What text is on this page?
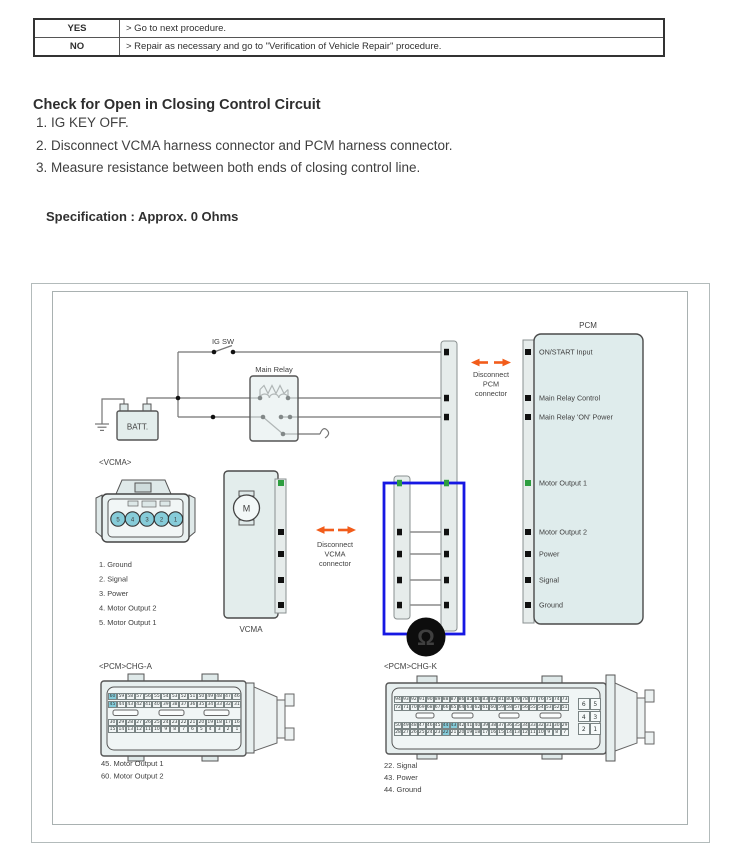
YES	> Go to next procedure.
NO	> Repair as necessary and go to "Verification of Vehicle Repair" procedure.
Check for Open in Closing Control Circuit
1. IG KEY OFF.
2. Disconnect VCMA harness connector and PCM harness connector.
3. Measure resistance between both ends of closing control line.
Specification : Approx. 0 Ohms
BATT.
IG SW
Main Relay
Ω
PCM
ON/START Input
Main Relay Control
Main Relay 'ON' Power
Motor Output 1
Motor Output 2
Power
Signal
Ground
Disconnect
PCM
connector
Disconnect
VCMA
connector
M
VCMA
5 4 3 2 1
<VCMA>
1. Ground
2. Signal
3. Power
4. Motor Output 2
5. Motor Output 1
<PCM>CHG-A
45. Motor Output 1
60. Motor Output 2
<PCM>CHG-K
22. Signal
43. Power
44. Ground
60 59 58 57 56 55 54 53 52 51 50 49 48 47 46
45 44 43 42 41 40 39 38 37 36 35 34 33 32 31
30 29 28 27 26 25 24 23 22 21 20 19 18 17 16
15 14 13 12 11 10	9	8	7	6	5	4	3	2	1
94 93 92 91 90 89 88 87 86 85 84 83 82 81 80 79 78 77 76 75 74 73
72 71 70 69 68 67 66 65 64 63 62 61 60 59 58 57 56 55 54 53 52 51
50 49 48 47 46 45 44 43 42 41 40 39 38 37 36 35 34 33 32 31 30 29
28 27 26 25 24 23 22 21 20 19 18 17 16 15 14 13 12 11 10 9	8	7
6	5
4	3
2	1
